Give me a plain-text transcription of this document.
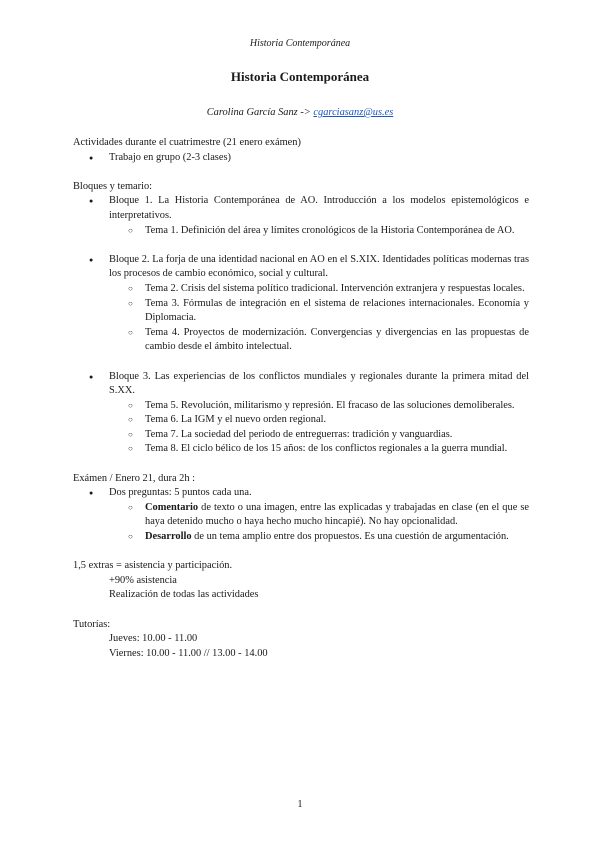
Historia Contemporánea
Historia Contemporánea
Carolina García Sanz -> cgarciasanz@us.es

Actividades durante el cuatrimestre (21 enero exámen)

● Trabajo en grupo (2-3 clases)

Bloques y temario:

● Bloque 1. La Historia Contemporánea de AO. Introducción a los modelos epistemológicos e interpretativos.
○ Tema 1. Definición del área y límites cronológicos de la Historia Contemporánea de AO.
● Bloque 2. La forja de una identidad nacional en AO en el S.XIX. Identidades políticas modernas tras los procesos de cambio económico, social y cultural.
○ Tema 2. Crisis del sistema político tradicional. Intervención extranjera y respuestas locales.
○ Tema 3. Fórmulas de integración en el sistema de relaciones internacionales. Economía y Diplomacia.
○ Tema 4. Proyectos de modernización. Convergencias y divergencias en las propuestas de cambio desde el ámbito intelectual.
● Bloque 3. Las experiencias de los conflictos mundiales y regionales durante la primera mitad del S.XX.
○ Tema 5. Revolución, militarismo y represión. El fracaso de las soluciones demoliberales.
○ Tema 6. La IGM y el nuevo orden regional.
○ Tema 7. La sociedad del periodo de entreguerras: tradición y vanguardias.
○ Tema 8. El ciclo bélico de los 15 años: de los conflictos regionales a la guerra mundial.

Exámen / Enero 21, dura 2h :

● Dos preguntas: 5 puntos cada una.
○ Comentario de texto o una imagen, entre las explicadas y trabajadas en clase (en el que se haya detenido mucho o haya hecho mucho hincapié). No hay opcionalidad.
○ Desarrollo de un tema amplio entre dos propuestos. Es una cuestión de argumentación.

1,5 extras = asistencia y participación.

+90% asistencia

Realización de todas las actividades

Tutorías:

Jueves: 10.00 - 11.00

Viernes: 10.00 - 11.00 // 13.00 - 14.00

1
